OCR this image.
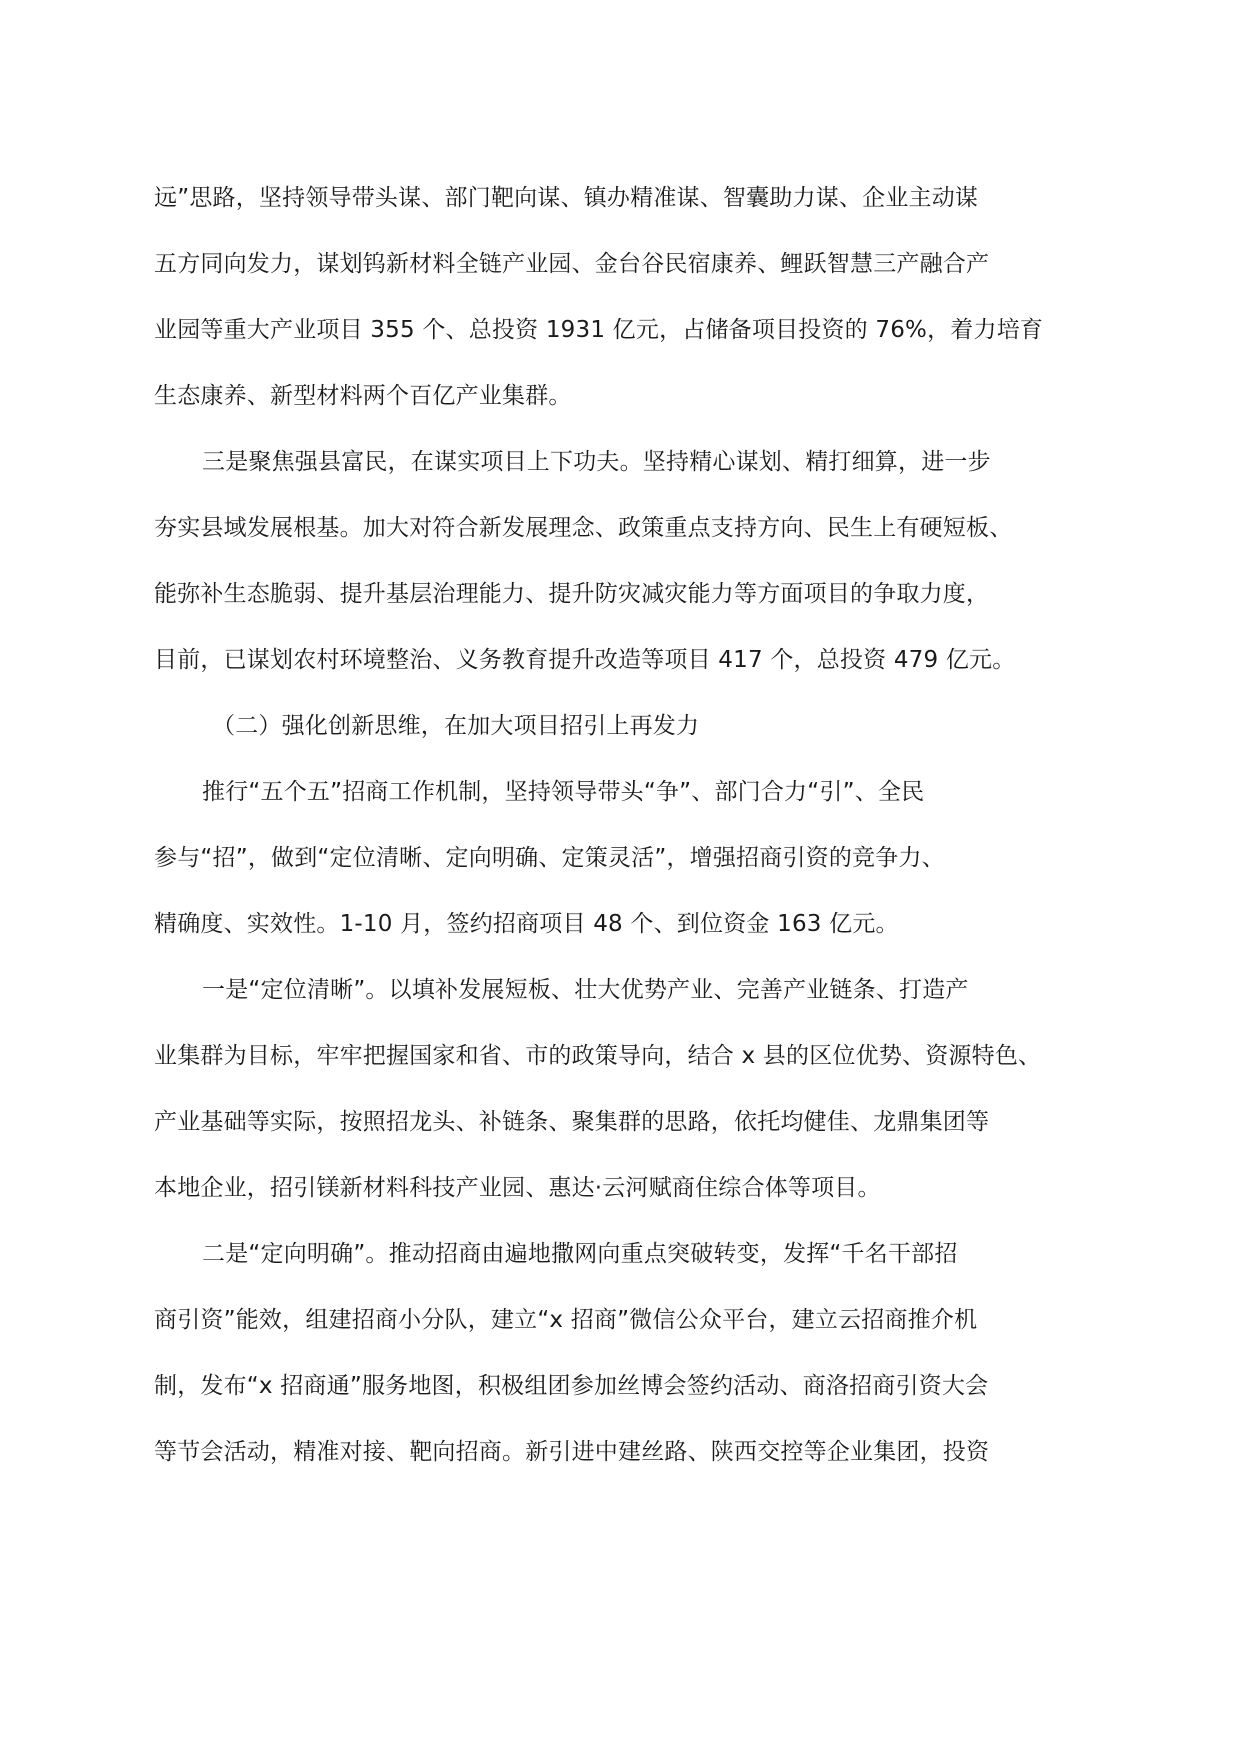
远”思路，坚持领导带头谋、部门靶向谋、镇办精准谋、智囊助力谋、企业主动谋
五方同向发力，谋划钨新材料全链产业园、金台谷民宿康养、鲤跃智慧三产融合产
业园等重大产业项目 355 个、总投资 1931 亿元，占储备项目投资的 76%，着力培育
生态康养、新型材料两个百亿产业集群。
三是聚焦强县富民，在谋实项目上下功夫。坚持精心谋划、精打细算，进一步
夯实县域发展根基。加大对符合新发展理念、政策重点支持方向、民生上有硬短板、
能弥补生态脆弱、提升基层治理能力、提升防灾减灾能力等方面项目的争取力度，
目前，已谋划农村环境整治、义务教育提升改造等项目 417 个，总投资 479 亿元。
（二）强化创新思维，在加大项目招引上再发力
推行“五个五”招商工作机制，坚持领导带头“争”、部门合力“引”、全民
参与“招”，做到“定位清晰、定向明确、定策灵活”，增强招商引资的竞争力、
精确度、实效性。1-10 月，签约招商项目 48 个、到位资金 163 亿元。
一是“定位清晰”。以填补发展短板、壮大优势产业、完善产业链条、打造产
业集群为目标，牢牢把握国家和省、市的政策导向，结合 x 县的区位优势、资源特色、
产业基础等实际，按照招龙头、补链条、聚集群的思路，依托均健佳、龙鼎集团等
本地企业，招引镁新材料科技产业园、惠达·云河赋商住综合体等项目。
二是“定向明确”。推动招商由遍地撒网向重点突破转变，发挥“千名干部招
商引资”能效，组建招商小分队，建立“x 招商”微信公众平台，建立云招商推介机
制，发布“x 招商通”服务地图，积极组团参加丝博会签约活动、商洛招商引资大会
等节会活动，精准对接、靶向招商。新引进中建丝路、陕西交控等企业集团，投资
